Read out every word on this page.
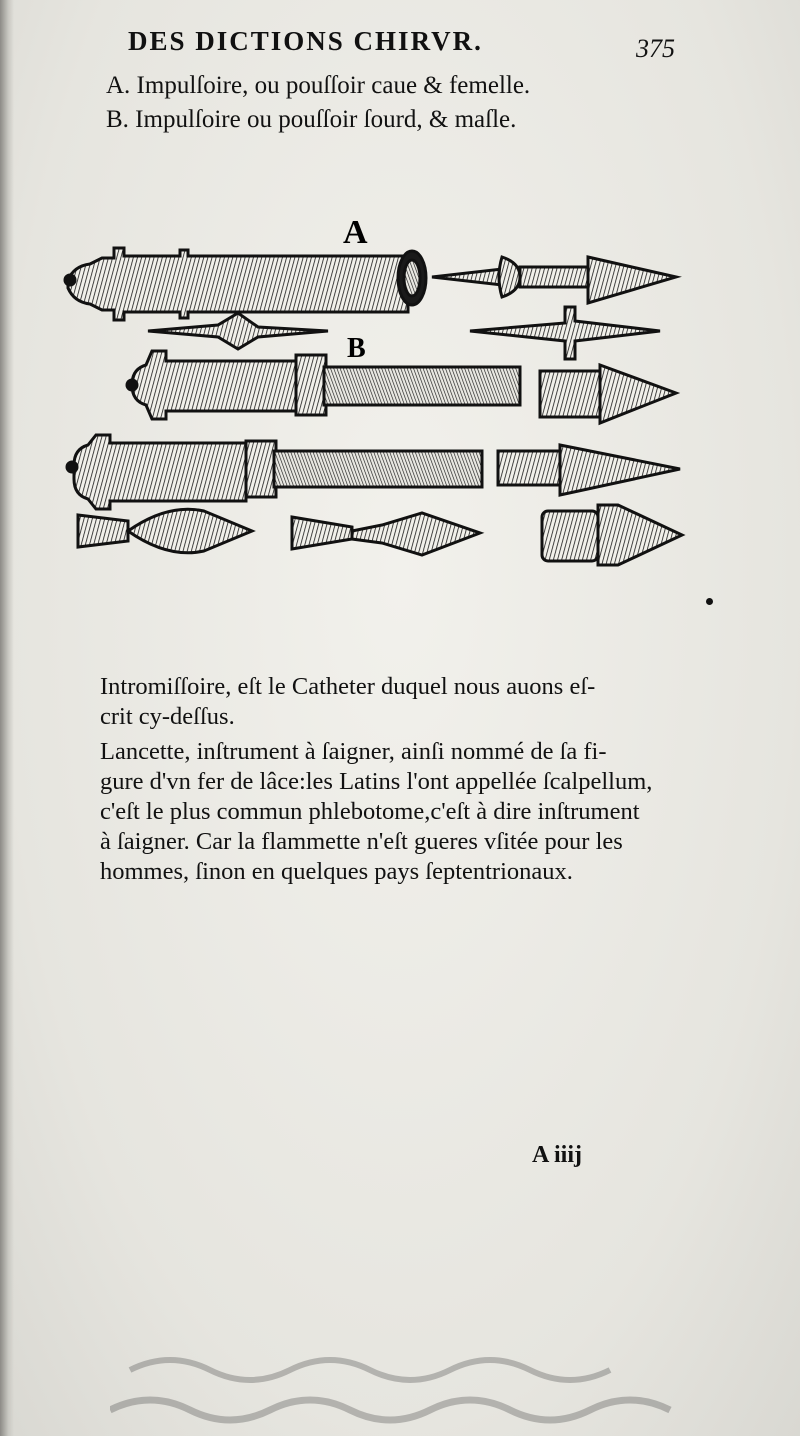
DES DICTIONS CHIRVR.	375
A. Impulſoire, ou pouſſoir caue & femelle.
B. Impulſoire ou pouſſoir ſourd, & maſle.
A
B

Intromiſſoire, eſt le Catheter duquel nous auons eſ-
crit cy-deſſus.

Lancette, inſtrument à ſaigner, ainſi nommé de ſa fi-
gure d'vn fer de lâce:les Latins l'ont appellée ſcalpellum,
c'eſt le plus commun phlebotome,c'eſt à dire inſtrument
à ſaigner. Car la flammette n'eſt gueres vſitée pour les
hommes, ſinon en quelques pays ſeptentrionaux.

A iiij
